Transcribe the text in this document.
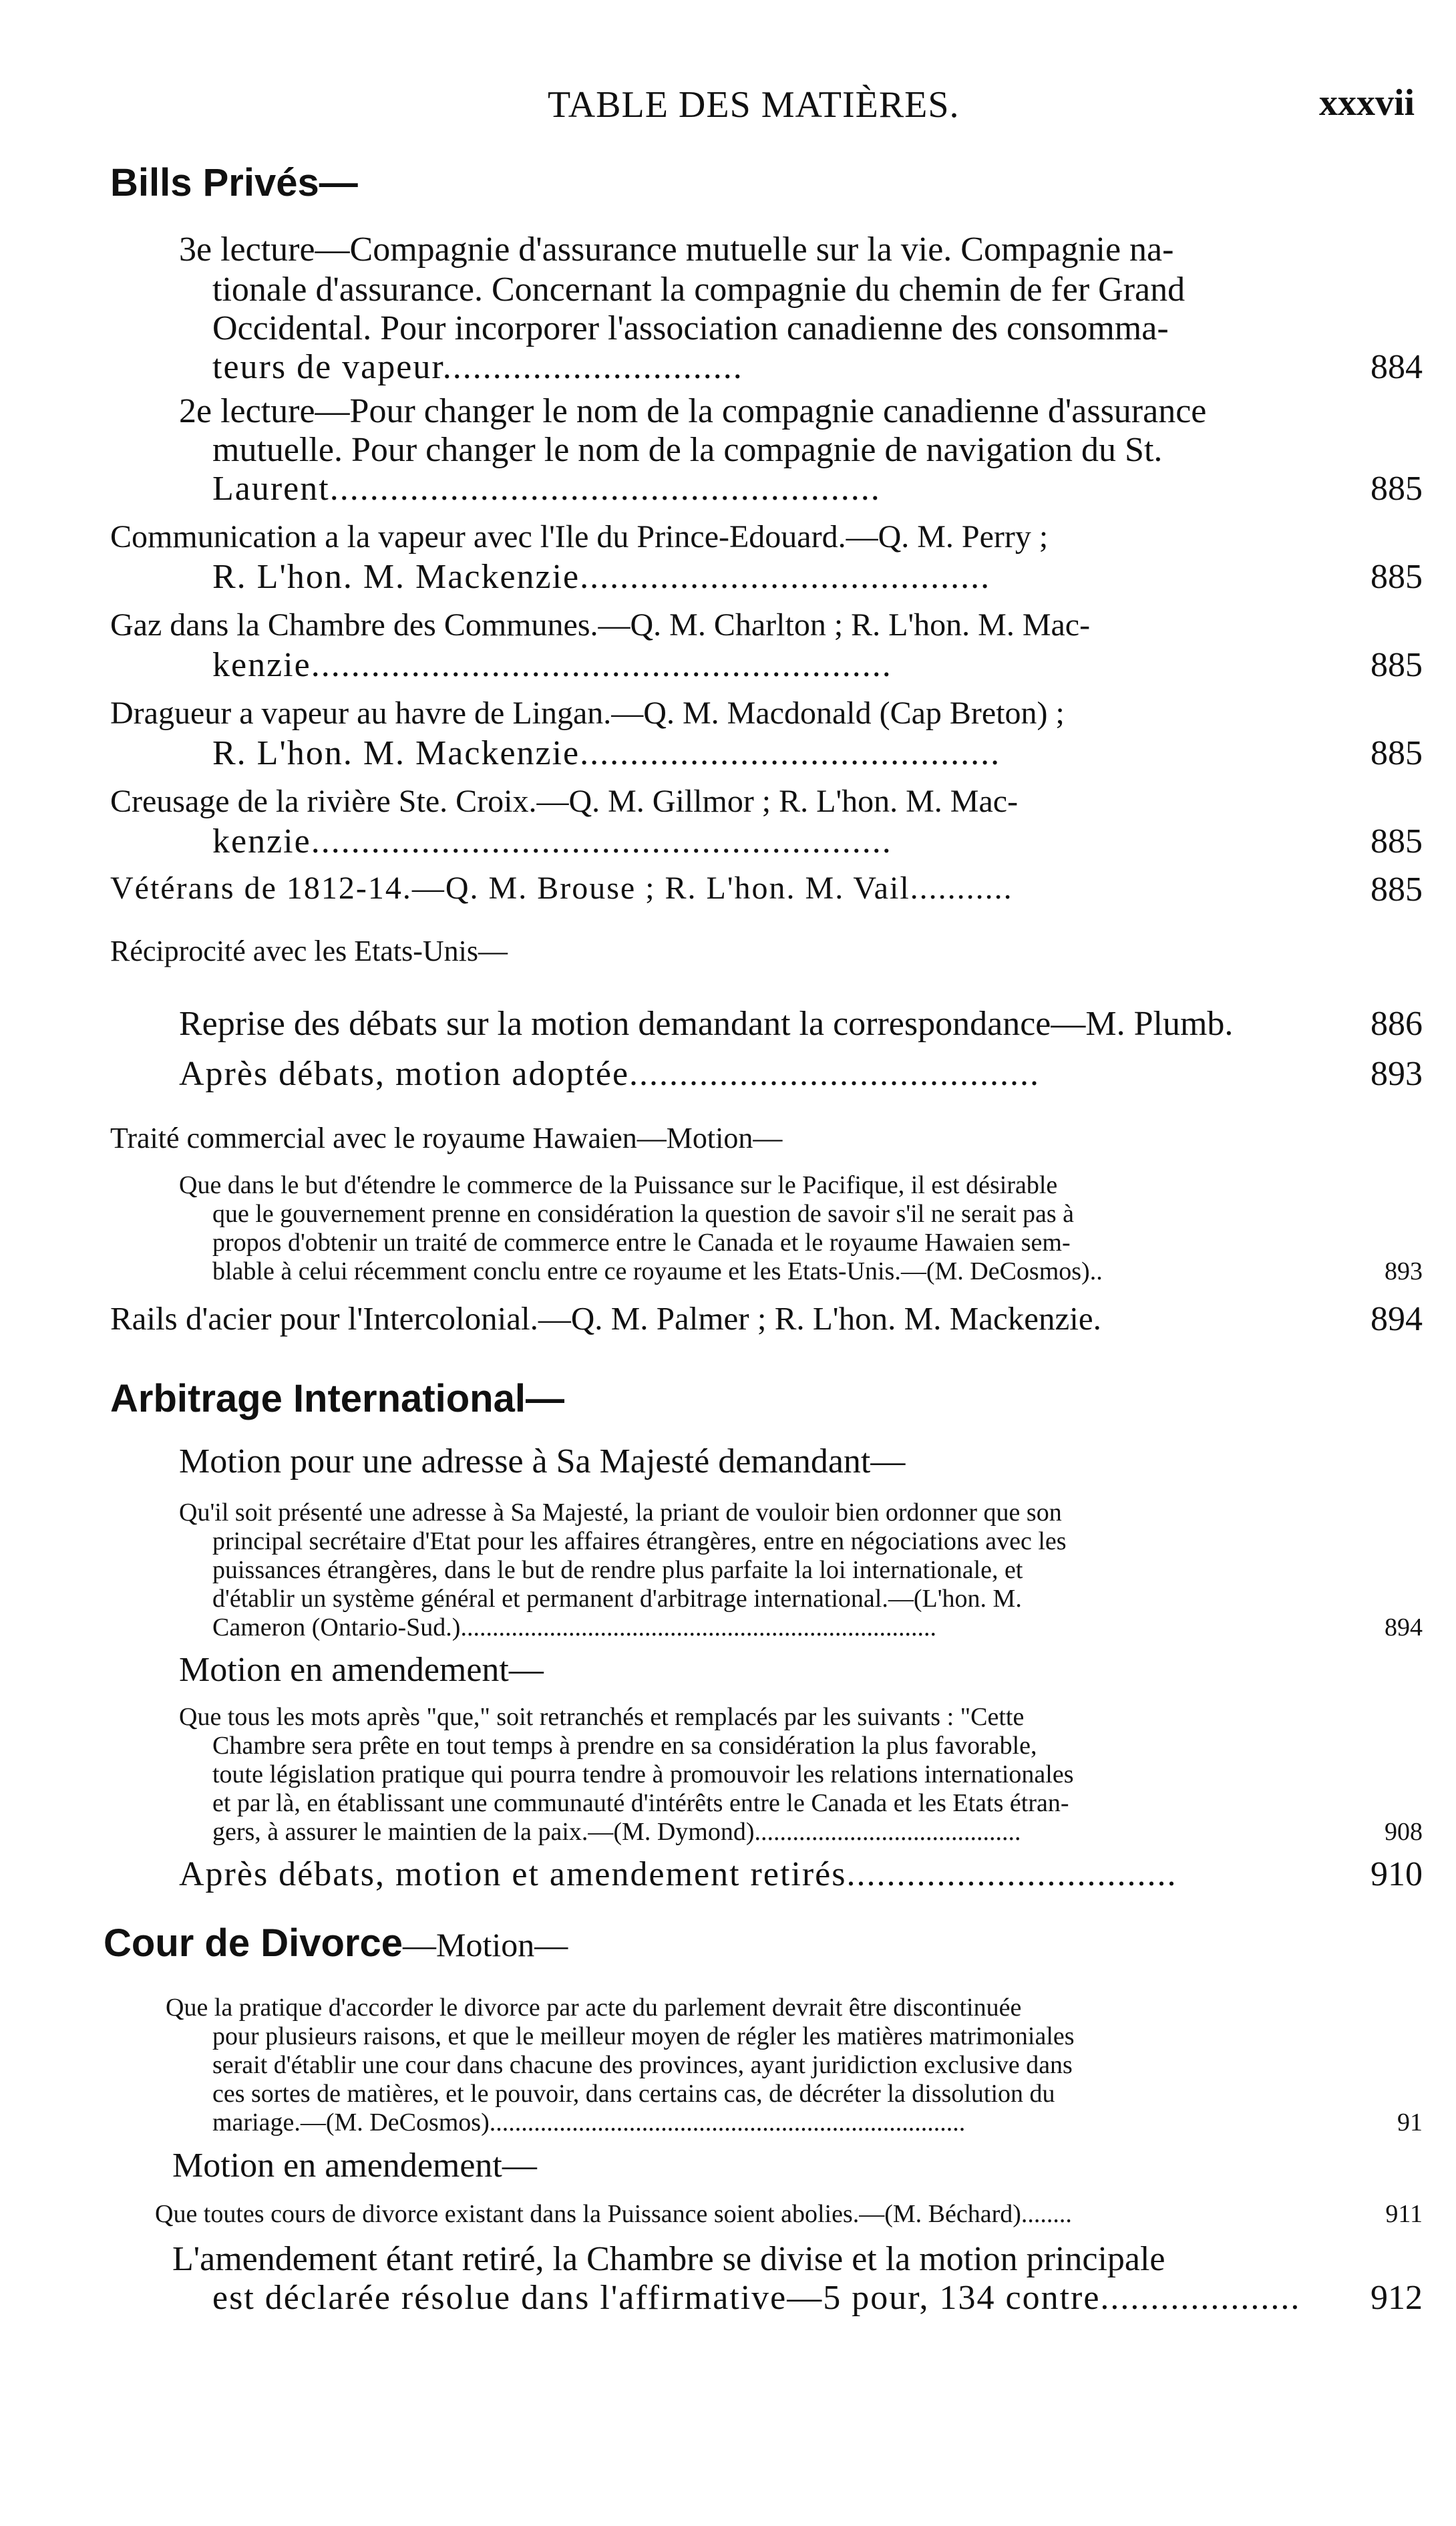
TABLE DES MATIÈRES.	xxxvii
Bills Privés—
3e lecture—Compagnie d'assurance mutuelle sur la vie. Compagnie na-
tionale d'assurance. Concernant la compagnie du chemin de fer Grand
Occidental. Pour incorporer l'association canadienne des consomma-
teurs de vapeur..............................	884
2e lecture—Pour changer le nom de la compagnie canadienne d'assurance
mutuelle. Pour changer le nom de la compagnie de navigation du St.
Laurent.......................................................	885
Communication a la vapeur avec l'Ile du Prince-Edouard.—Q. M. Perry ;
R. L'hon. M. Mackenzie.........................................	885
Gaz dans la Chambre des Communes.—Q. M. Charlton ; R. L'hon. M. Mac-
kenzie..........................................................	885
Dragueur a vapeur au havre de Lingan.—Q. M. Macdonald (Cap Breton) ;
R. L'hon. M. Mackenzie..........................................	885
Creusage de la rivière Ste. Croix.—Q. M. Gillmor ; R. L'hon. M. Mac-
kenzie..........................................................	885
Vétérans de 1812-14.—Q. M. Brouse ; R. L'hon. M. Vail...........	885
Réciprocité avec les Etats-Unis—
Reprise des débats sur la motion demandant la correspondance—M. Plumb.	886
Après débats, motion adoptée.........................................	893
Traité commercial avec le royaume Hawaien—Motion—
Que dans le but d'étendre le commerce de la Puissance sur le Pacifique, il est désirable
que le gouvernement prenne en considération la question de savoir s'il ne serait pas à
propos d'obtenir un traité de commerce entre le Canada et le royaume Hawaien sem-
blable à celui récemment conclu entre ce royaume et les Etats-Unis.—(M. DeCosmos)..	893
Rails d'acier pour l'Intercolonial.—Q. M. Palmer ; R. L'hon. M. Mackenzie.	894
Arbitrage International—
Motion pour une adresse à Sa Majesté demandant—
Qu'il soit présenté une adresse à Sa Majesté, la priant de vouloir bien ordonner que son
principal secrétaire d'Etat pour les affaires étrangères, entre en négociations avec les
puissances étrangères, dans le but de rendre plus parfaite la loi internationale, et
d'établir un système général et permanent d'arbitrage international.—(L'hon. M.
Cameron (Ontario-Sud.)...........................................................................	894
Motion en amendement—
Que tous les mots après "que," soit retranchés et remplacés par les suivants : "Cette
Chambre sera prête en tout temps à prendre en sa considération la plus favorable,
toute législation pratique qui pourra tendre à promouvoir les relations internationales
et par là, en établissant une communauté d'intérêts entre le Canada et les Etats étran-
gers, à assurer le maintien de la paix.—(M. Dymond)..........................................	908
Après débats, motion et amendement retirés.................................	910
Cour de Divorce—Motion—
Que la pratique d'accorder le divorce par acte du parlement devrait être discontinuée
pour plusieurs raisons, et que le meilleur moyen de régler les matières matrimoniales
serait d'établir une cour dans chacune des provinces, ayant juridiction exclusive dans
ces sortes de matières, et le pouvoir, dans certains cas, de décréter la dissolution du
mariage.—(M. DeCosmos)...........................................................................	91
Motion en amendement—
Que toutes cours de divorce existant dans la Puissance soient abolies.—(M. Béchard)........	911
L'amendement étant retiré, la Chambre se divise et la motion principale
est déclarée résolue dans l'affirmative—5 pour, 134 contre....................	912
